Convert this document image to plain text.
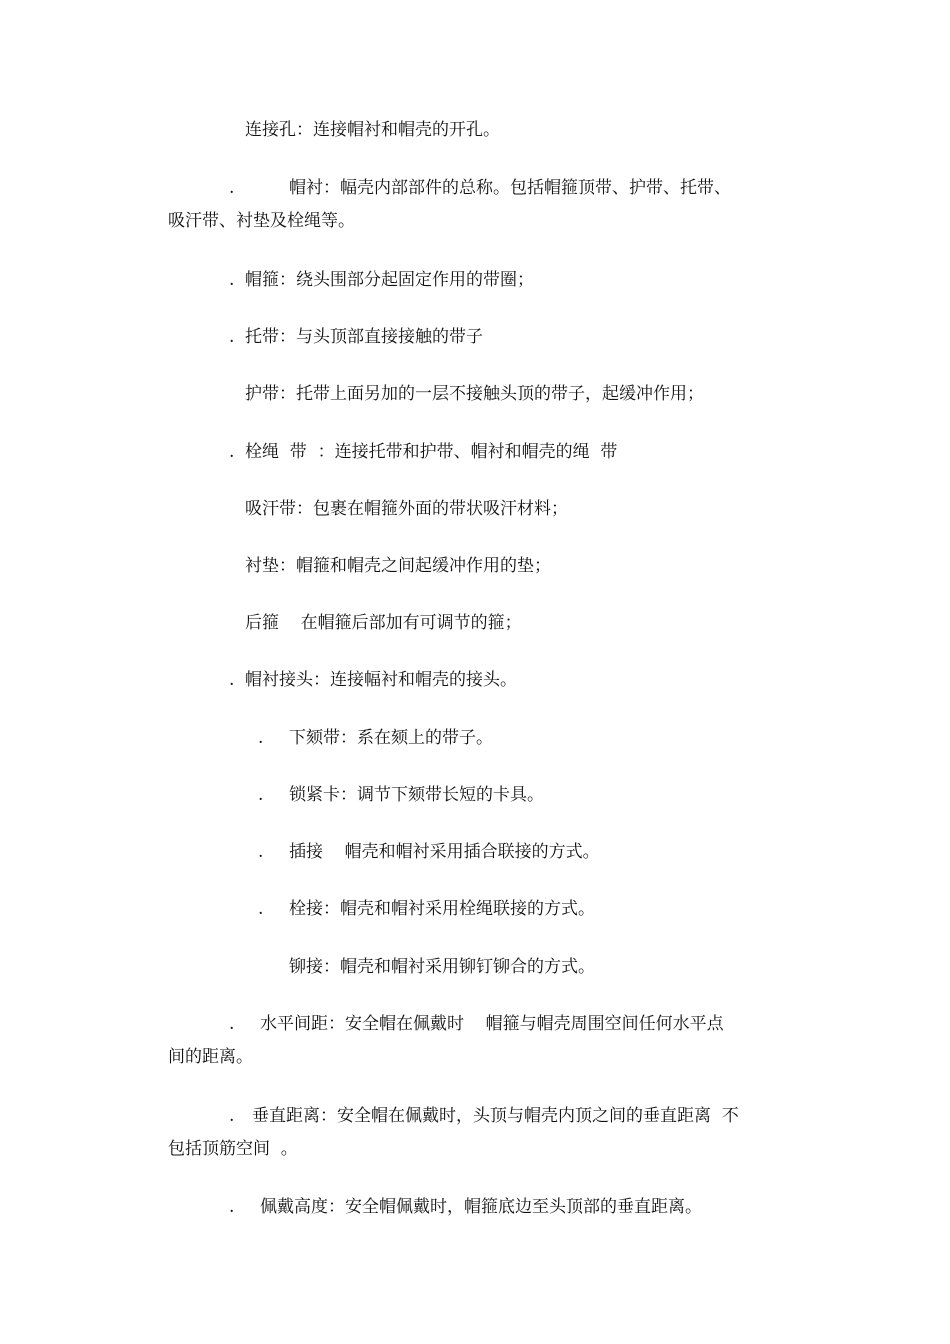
连接孔：连接帽衬和帽壳的开孔。
.	帽衬：幅壳内部部件的总称。包括帽箍顶带、护带、托带、
吸汗带、衬垫及栓绳等。
. 帽箍：绕头围部分起固定作用的带圈；
. 托带：与头顶部直接接触的带子
护带：托带上面另加的一层不接触头顶的带子，起缓冲作用；
. 栓绳  带  ：连接托带和护带、帽衬和帽壳的绳  带
吸汗带：包裹在帽箍外面的带状吸汗材料；
衬垫：帽箍和帽壳之间起缓冲作用的垫；
后箍    在帽箍后部加有可调节的箍；
. 帽衬接头：连接幅衬和帽壳的接头。
. 下颏带：系在颏上的带子。
. 锁紧卡：调节下颏带长短的卡具。
. 插接    帽壳和帽衬采用插合联接的方式。
. 栓接：帽壳和帽衬采用栓绳联接的方式。
铆接：帽壳和帽衬采用铆钉铆合的方式。
. 水平间距：安全帽在佩戴时    帽箍与帽壳周围空间任何水平点
间的距离。
. 垂直距离：安全帽在佩戴时，头顶与帽壳内顶之间的垂直距离  不
包括顶筋空间  。
. 佩戴高度：安全帽佩戴时，帽箍底边至头顶部的垂直距离。
